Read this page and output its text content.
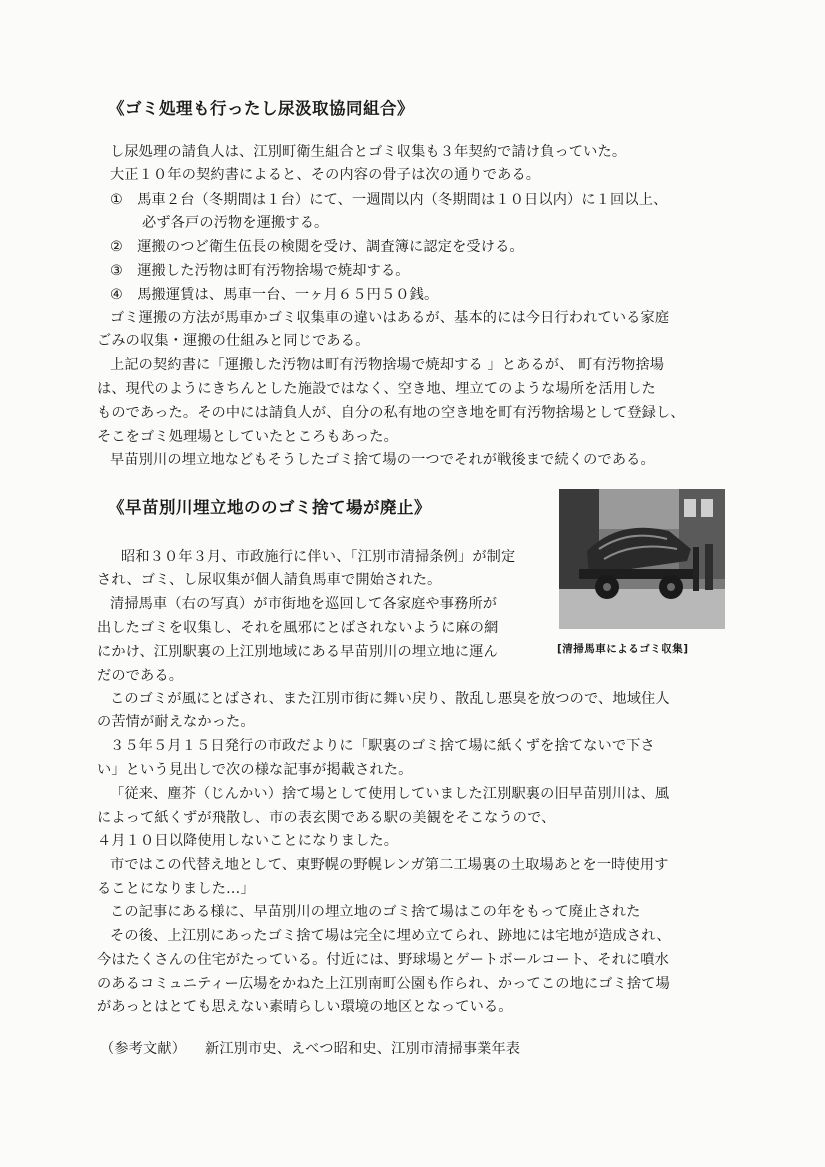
《ゴミ処理も行ったし尿汲取協同組合》
し尿処理の請負人は、江別町衛生組合とゴミ収集も３年契約で請け負っていた。
大正１０年の契約書によると、その内容の骨子は次の通りである。
①　馬車２台（冬期間は１台）にて、一週間以内（冬期間は１０日以内）に１回以上、
必ず各戸の汚物を運搬する。
②　運搬のつど衛生伍長の検閲を受け、調査簿に認定を受ける。
③　運搬した汚物は町有汚物捨場で焼却する。
④　馬搬運賃は、馬車一台、一ヶ月６５円５０銭。
ゴミ運搬の方法が馬車かゴミ収集車の違いはあるが、基本的には今日行われている家庭
ごみの収集・運搬の仕組みと同じである。
上記の契約書に「運搬した汚物は町有汚物捨場で焼却する 」とあるが、 町有汚物捨場
は、現代のようにきちんとした施設ではなく、空き地、埋立てのような場所を活用した
ものであった。その中には請負人が、自分の私有地の空き地を町有汚物捨場として登録し、
そこをゴミ処理場としていたところもあった。
早苗別川の埋立地などもそうしたゴミ捨て場の一つでそれが戦後まで続くのである。
《早苗別川埋立地ののゴミ捨て場が廃止》
[清掃馬車によるゴミ収集]
昭和３０年３月、市政施行に伴い、「江別市清掃条例」が制定
され、ゴミ、し尿収集が個人請負馬車で開始された。
清掃馬車（右の写真）が市街地を巡回して各家庭や事務所が
出したゴミを収集し、それを風邪にとばされないように麻の網
にかけ、江別駅裏の上江別地域にある早苗別川の埋立地に運ん
だのである。
このゴミが風にとばされ、また江別市街に舞い戻り、散乱し悪臭を放つので、地域住人
の苦情が耐えなかった。
３５年５月１５日発行の市政だよりに「駅裏のゴミ捨て場に紙くずを捨てないで下さ
い」という見出しで次の様な記事が掲載された。
「従来、塵芥（じんかい）捨て場として使用していました江別駅裏の旧早苗別川は、風
によって紙くずが飛散し、市の表玄関である駅の美観をそこなうので、
４月１０日以降使用しないことになりました。
市ではこの代替え地として、東野幌の野幌レンガ第二工場裏の土取場あとを一時使用す
ることになりました…」
この記事にある様に、早苗別川の埋立地のゴミ捨て場はこの年をもって廃止された
その後、上江別にあったゴミ捨て場は完全に埋め立てられ、跡地には宅地が造成され、
今はたくさんの住宅がたっている。付近には、野球場とゲートボールコート、それに噴水
のあるコミュニティー広場をかねた上江別南町公園も作られ、かってこの地にゴミ捨て場
があっとはとても思えない素晴らしい環境の地区となっている。
（参考文献） 新江別市史、えべつ昭和史、江別市清掃事業年表
